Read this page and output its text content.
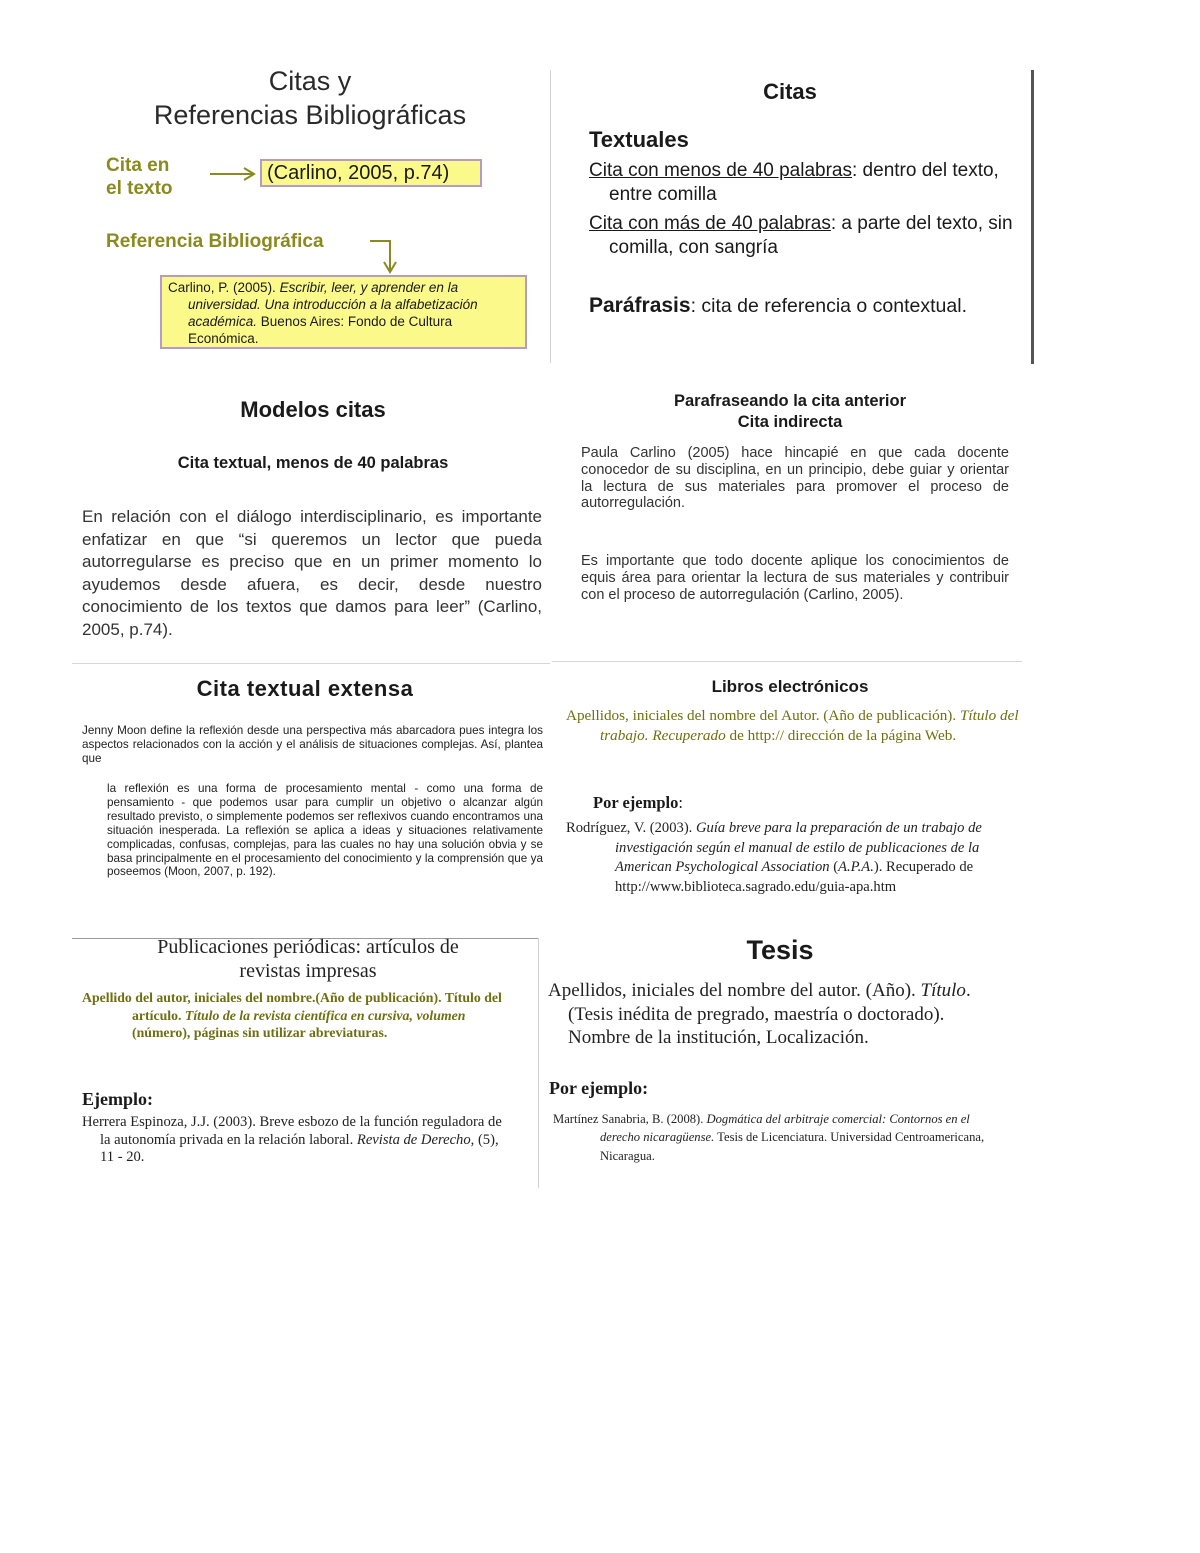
Citas y
Referencias Bibliográficas
Cita en
el texto
(Carlino, 2005, p.74)
Referencia Bibliográfica
Carlino, P. (2005). Escribir, leer, y aprender en la universidad. Una introducción a la alfabetización académica. Buenos Aires: Fondo de Cultura Económica.
Citas
Textuales
Cita con menos de 40 palabras: dentro del texto, entre comilla
Cita con más de 40 palabras: a parte del texto, sin comilla, con sangría
Paráfrasis: cita de referencia o contextual.
Modelos citas
Cita textual, menos de 40 palabras
En relación con el diálogo interdisciplinario, es importante enfatizar en que “si queremos un lector que pueda autorregularse es preciso que en un primer momento lo ayudemos desde afuera, es decir, desde nuestro conocimiento de los textos que damos para leer” (Carlino, 2005, p.74).
Parafraseando la cita anterior
Cita indirecta
Paula Carlino (2005) hace hincapié en que cada docente conocedor de su disciplina, en un principio, debe guiar y orientar la lectura de sus materiales para promover el proceso de autorregulación.
Es importante que todo docente aplique los conocimientos de equis área para orientar la lectura de sus materiales y contribuir con el proceso de autorregulación (Carlino, 2005).
Cita textual extensa
Jenny Moon define la reflexión desde una perspectiva más abarcadora pues integra los aspectos relacionados con la acción y el análisis de situaciones complejas. Así, plantea que
la reflexión es una forma de procesamiento mental - como una forma de pensamiento - que podemos usar para cumplir un objetivo o alcanzar algún resultado previsto, o simplemente podemos ser reflexivos cuando encontramos una situación inesperada. La reflexión se aplica a ideas y situaciones relativamente complicadas, confusas, complejas, para las cuales no hay una solución obvia y se basa principalmente en el procesamiento del conocimiento y la comprensión que ya poseemos (Moon, 2007, p. 192).
Libros electrónicos
Apellidos, iniciales del nombre del Autor. (Año de publicación). Título del trabajo. Recuperado de http:// dirección de la página Web.
Por ejemplo:
Rodríguez, V. (2003). Guía breve para la preparación de un trabajo de investigación según el manual de estilo de publicaciones de la American Psychological Association (A.P.A.). Recuperado de http://www.biblioteca.sagrado.edu/guia-apa.htm
Publicaciones periódicas: artículos de
revistas impresas
Apellido del autor, iniciales del nombre.(Año de publicación). Título del artículo. Título de la revista científica en cursiva, volumen (número), páginas sin utilizar abreviaturas.
Ejemplo:
Herrera Espinoza, J.J. (2003). Breve esbozo de la función reguladora de la autonomía privada en la relación laboral. Revista de Derecho, (5), 11 - 20.
Tesis
Apellidos, iniciales del nombre del autor. (Año). Título. (Tesis inédita de pregrado, maestría o doctorado). Nombre de la institución, Localización.
Por ejemplo:
Martínez Sanabria, B. (2008). Dogmática del arbitraje comercial: Contornos en el derecho nicaragüense. Tesis de Licenciatura. Universidad Centroamericana, Nicaragua.
